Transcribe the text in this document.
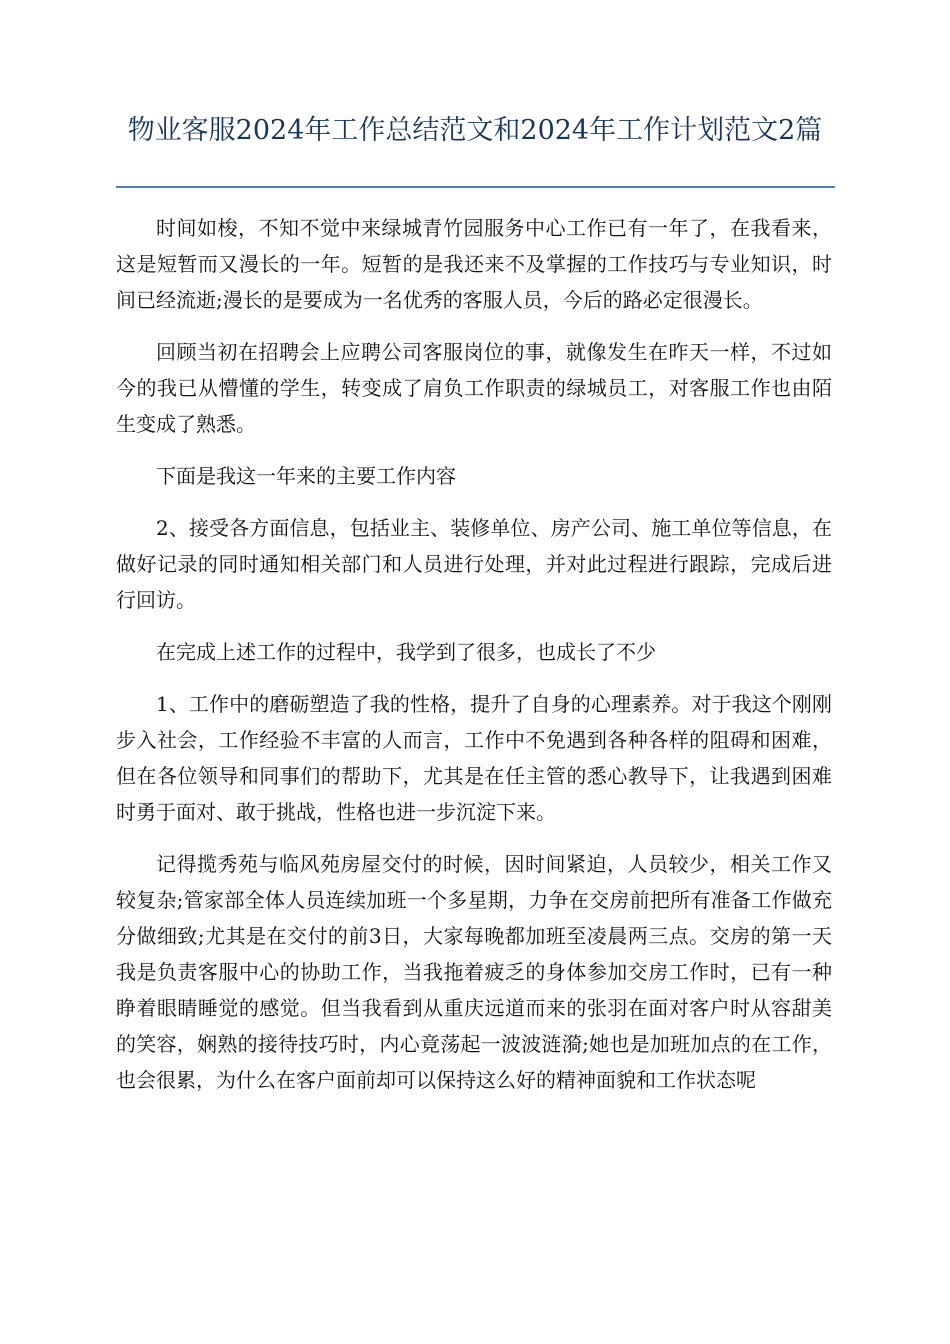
物业客服2024年工作总结范文和2024年工作计划范文2篇

时间如梭，不知不觉中来绿城青竹园服务中心工作已有一年了，在我看来，这是短暂而又漫长的一年。短暂的是我还来不及掌握的工作技巧与专业知识，时间已经流逝;漫长的是要成为一名优秀的客服人员，今后的路必定很漫长。

回顾当初在招聘会上应聘公司客服岗位的事，就像发生在昨天一样，不过如今的我已从懵懂的学生，转变成了肩负工作职责的绿城员工，对客服工作也由陌生变成了熟悉。

下面是我这一年来的主要工作内容

2、接受各方面信息，包括业主、装修单位、房产公司、施工单位等信息，在做好记录的同时通知相关部门和人员进行处理，并对此过程进行跟踪，完成后进行回访。

在完成上述工作的过程中，我学到了很多，也成长了不少

1、工作中的磨砺塑造了我的性格，提升了自身的心理素养。对于我这个刚刚步入社会，工作经验不丰富的人而言，工作中不免遇到各种各样的阻碍和困难，但在各位领导和同事们的帮助下，尤其是在任主管的悉心教导下，让我遇到困难时勇于面对、敢于挑战，性格也进一步沉淀下来。

记得揽秀苑与临风苑房屋交付的时候，因时间紧迫，人员较少，相关工作又较复杂;管家部全体人员连续加班一个多星期，力争在交房前把所有准备工作做充分做细致;尤其是在交付的前3日，大家每晚都加班至凌晨两三点。交房的第一天我是负责客服中心的协助工作，当我拖着疲乏的身体参加交房工作时，已有一种睁着眼睛睡觉的感觉。但当我看到从重庆远道而来的张羽在面对客户时从容甜美的笑容，娴熟的接待技巧时，内心竟荡起一波波涟漪;她也是加班加点的在工作，也会很累，为什么在客户面前却可以保持这么好的精神面貌和工作状态呢
